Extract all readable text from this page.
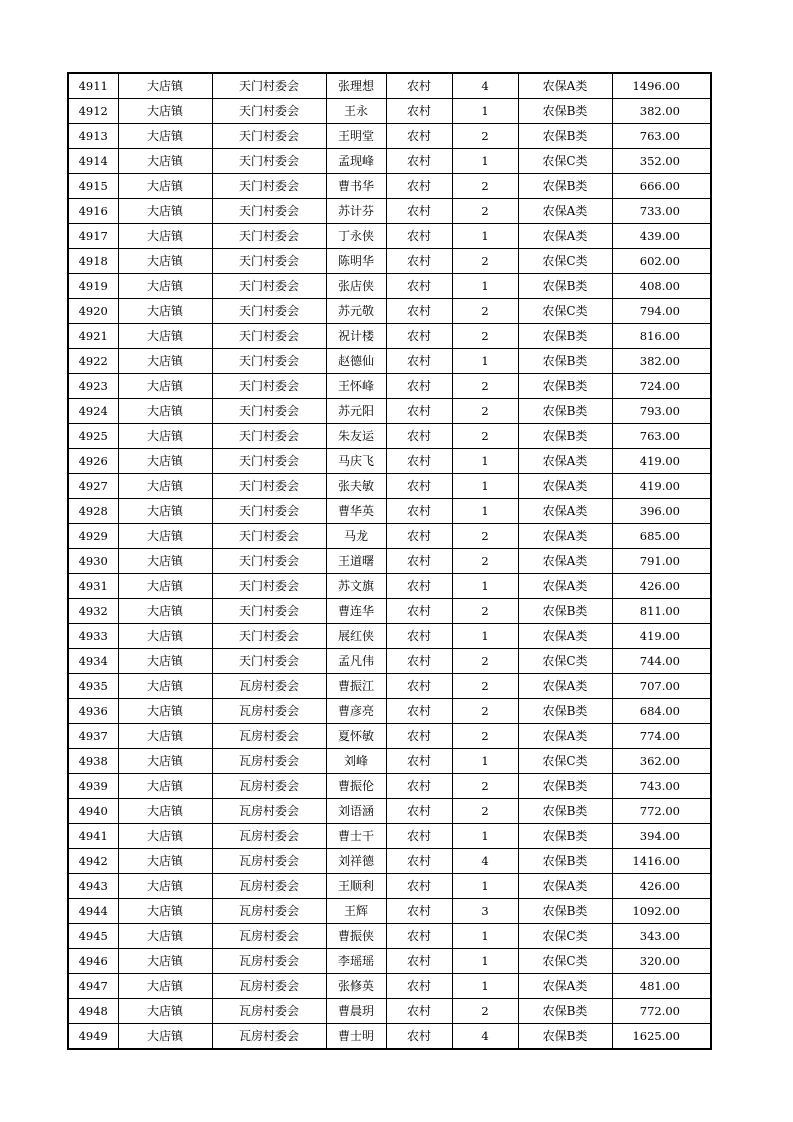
4911	大店镇	天门村委会	张理想	农村	4	农保A类	1496.00
4912	大店镇	天门村委会	王永	农村	1	农保B类	382.00
4913	大店镇	天门村委会	王明堂	农村	2	农保B类	763.00
4914	大店镇	天门村委会	孟现峰	农村	1	农保C类	352.00
4915	大店镇	天门村委会	曹书华	农村	2	农保B类	666.00
4916	大店镇	天门村委会	苏计芬	农村	2	农保A类	733.00
4917	大店镇	天门村委会	丁永侠	农村	1	农保A类	439.00
4918	大店镇	天门村委会	陈明华	农村	2	农保C类	602.00
4919	大店镇	天门村委会	张店侠	农村	1	农保B类	408.00
4920	大店镇	天门村委会	苏元敬	农村	2	农保C类	794.00
4921	大店镇	天门村委会	祝计楼	农村	2	农保B类	816.00
4922	大店镇	天门村委会	赵德仙	农村	1	农保B类	382.00
4923	大店镇	天门村委会	王怀峰	农村	2	农保B类	724.00
4924	大店镇	天门村委会	苏元阳	农村	2	农保B类	793.00
4925	大店镇	天门村委会	朱友运	农村	2	农保B类	763.00
4926	大店镇	天门村委会	马庆飞	农村	1	农保A类	419.00
4927	大店镇	天门村委会	张夫敏	农村	1	农保A类	419.00
4928	大店镇	天门村委会	曹华英	农村	1	农保A类	396.00
4929	大店镇	天门村委会	马龙	农村	2	农保A类	685.00
4930	大店镇	天门村委会	王道曙	农村	2	农保A类	791.00
4931	大店镇	天门村委会	苏文旗	农村	1	农保A类	426.00
4932	大店镇	天门村委会	曹连华	农村	2	农保B类	811.00
4933	大店镇	天门村委会	展红侠	农村	1	农保A类	419.00
4934	大店镇	天门村委会	孟凡伟	农村	2	农保C类	744.00
4935	大店镇	瓦房村委会	曹振江	农村	2	农保A类	707.00
4936	大店镇	瓦房村委会	曹彦亮	农村	2	农保B类	684.00
4937	大店镇	瓦房村委会	夏怀敏	农村	2	农保A类	774.00
4938	大店镇	瓦房村委会	刘峰	农村	1	农保C类	362.00
4939	大店镇	瓦房村委会	曹振伦	农村	2	农保B类	743.00
4940	大店镇	瓦房村委会	刘语涵	农村	2	农保B类	772.00
4941	大店镇	瓦房村委会	曹士干	农村	1	农保B类	394.00
4942	大店镇	瓦房村委会	刘祥德	农村	4	农保B类	1416.00
4943	大店镇	瓦房村委会	王顺利	农村	1	农保A类	426.00
4944	大店镇	瓦房村委会	王辉	农村	3	农保B类	1092.00
4945	大店镇	瓦房村委会	曹振侠	农村	1	农保C类	343.00
4946	大店镇	瓦房村委会	李瑶瑶	农村	1	农保C类	320.00
4947	大店镇	瓦房村委会	张修英	农村	1	农保A类	481.00
4948	大店镇	瓦房村委会	曹晨玥	农村	2	农保B类	772.00
4949	大店镇	瓦房村委会	曹士明	农村	4	农保B类	1625.00
